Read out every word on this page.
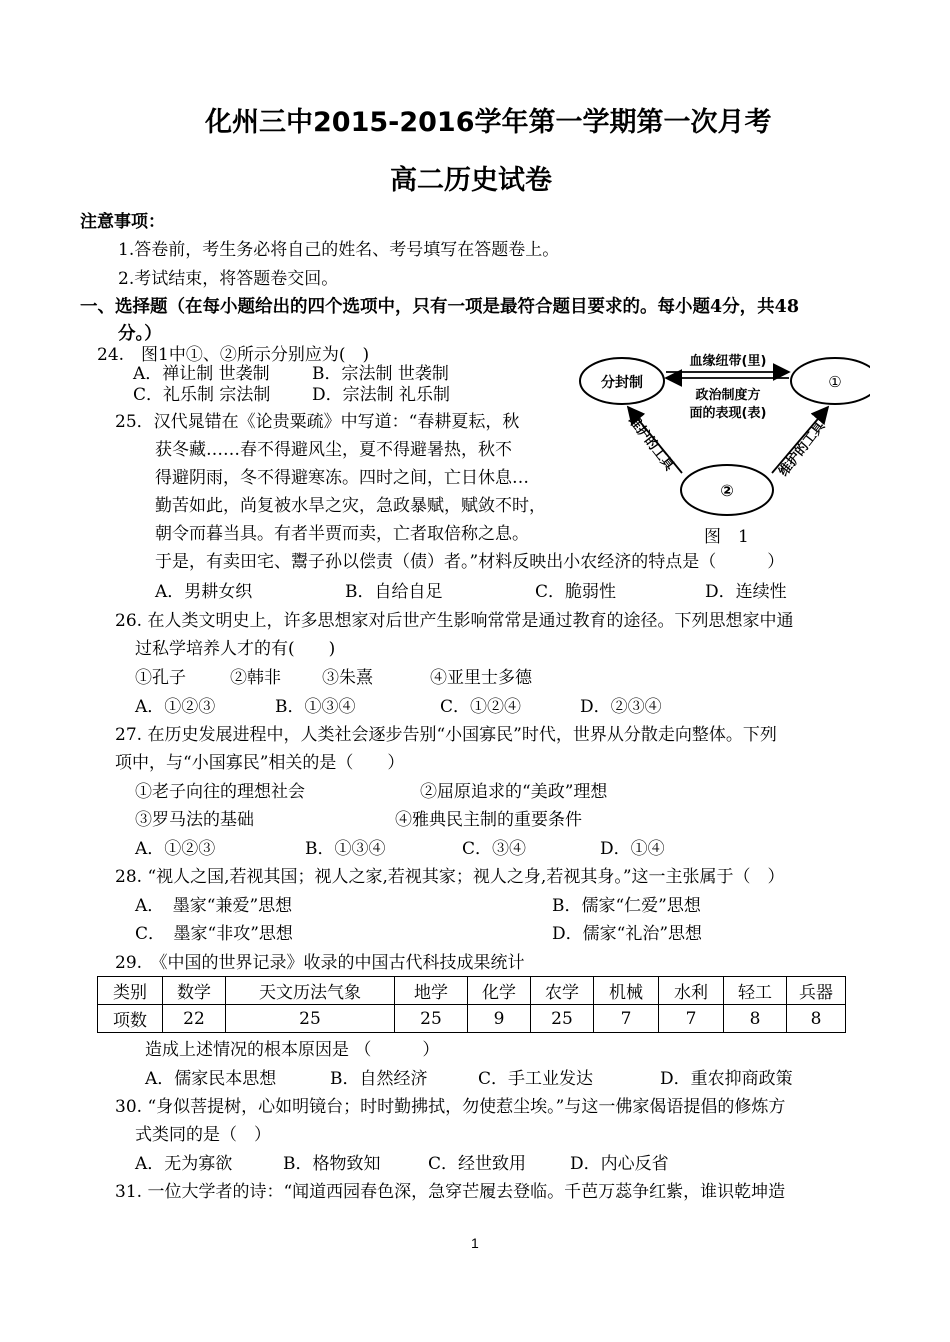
化州三中2015-2016学年第一学期第一次月考
高二历史试卷
注意事项：
1.答卷前，考生务必将自己的姓名、考号填写在答题卷上。
2.考试结束，将答题卷交回。
一、选择题（在每小题给出的四个选项中，只有一项是最符合题目要求的。每小题4分，共48
分。）
分封制	①
②
血缘纽带(里)
政治制度方
面的表现(表)
维护的工具	维护的工具
图　1
24.　图1中①、②所示分别应为(　)
A．禅让制 世袭制 B．宗法制 世袭制
C．礼乐制 宗法制 D．宗法制 礼乐制
25．汉代晁错在《论贵粟疏》中写道：“春耕夏耘，秋
获冬藏……春不得避风尘，夏不得避暑热，秋不
得避阴雨，冬不得避寒冻。四时之间，亡日休息…
勤苦如此，尚复被水旱之灾，急政暴赋，赋敛不时，
朝令而暮当具。有者半贾而卖，亡者取倍称之息。
于是，有卖田宅、鬻子孙以偿责（债）者。”材料反映出小农经济的特点是（　　　）
A．男耕女织	B．自给自足	C．脆弱性	D．连续性
26. 在人类文明史上，许多思想家对后世产生影响常常是通过教育的途径。下列思想家中通
过私学培养人才的有(　　)
①孔子	②韩非 ③朱熹	④亚里士多德
A．①②③	B．①③④	C．①②④	D．②③④
27. 在历史发展进程中，人类社会逐步告别“小国寡民”时代，世界从分散走向整体。下列
项中，与“小国寡民”相关的是（　　）
①老子向往的理想社会	②屈原追求的“美政”理想
③罗马法的基础	④雅典民主制的重要条件
A．①②③	B．①③④	C．③④	D．①④
28. “视人之国,若视其国；视人之家,若视其家；视人之身,若视其身。”这一主张属于（　）
A．　墨家“兼爱”思想	B．儒家“仁爱”思想
C．　墨家“非攻”思想	D．儒家“礼治”思想
29.　《中国的世界记录》收录的中国古代科技成果统计
类别	数学	天文历法气象	地学	化学	农学	机械	水利	轻工	兵器
项数	22	25	25	9	25	7	7	8	8
造成上述情况的根本原因是 （　　　）
A．儒家民本思想	B．自然经济	C．手工业发达	D．重农抑商政策
30. “身似菩提树，心如明镜台；时时勤拂拭，勿使惹尘埃。”与这一佛家偈语提倡的修炼方
式类同的是（　）
A．无为寡欲	B．格物致知	C．经世致用	D．内心反省
31. 一位大学者的诗：“闻道西园春色深，急穿芒履去登临。千芭万蕊争红紫，谁识乾坤造
1
